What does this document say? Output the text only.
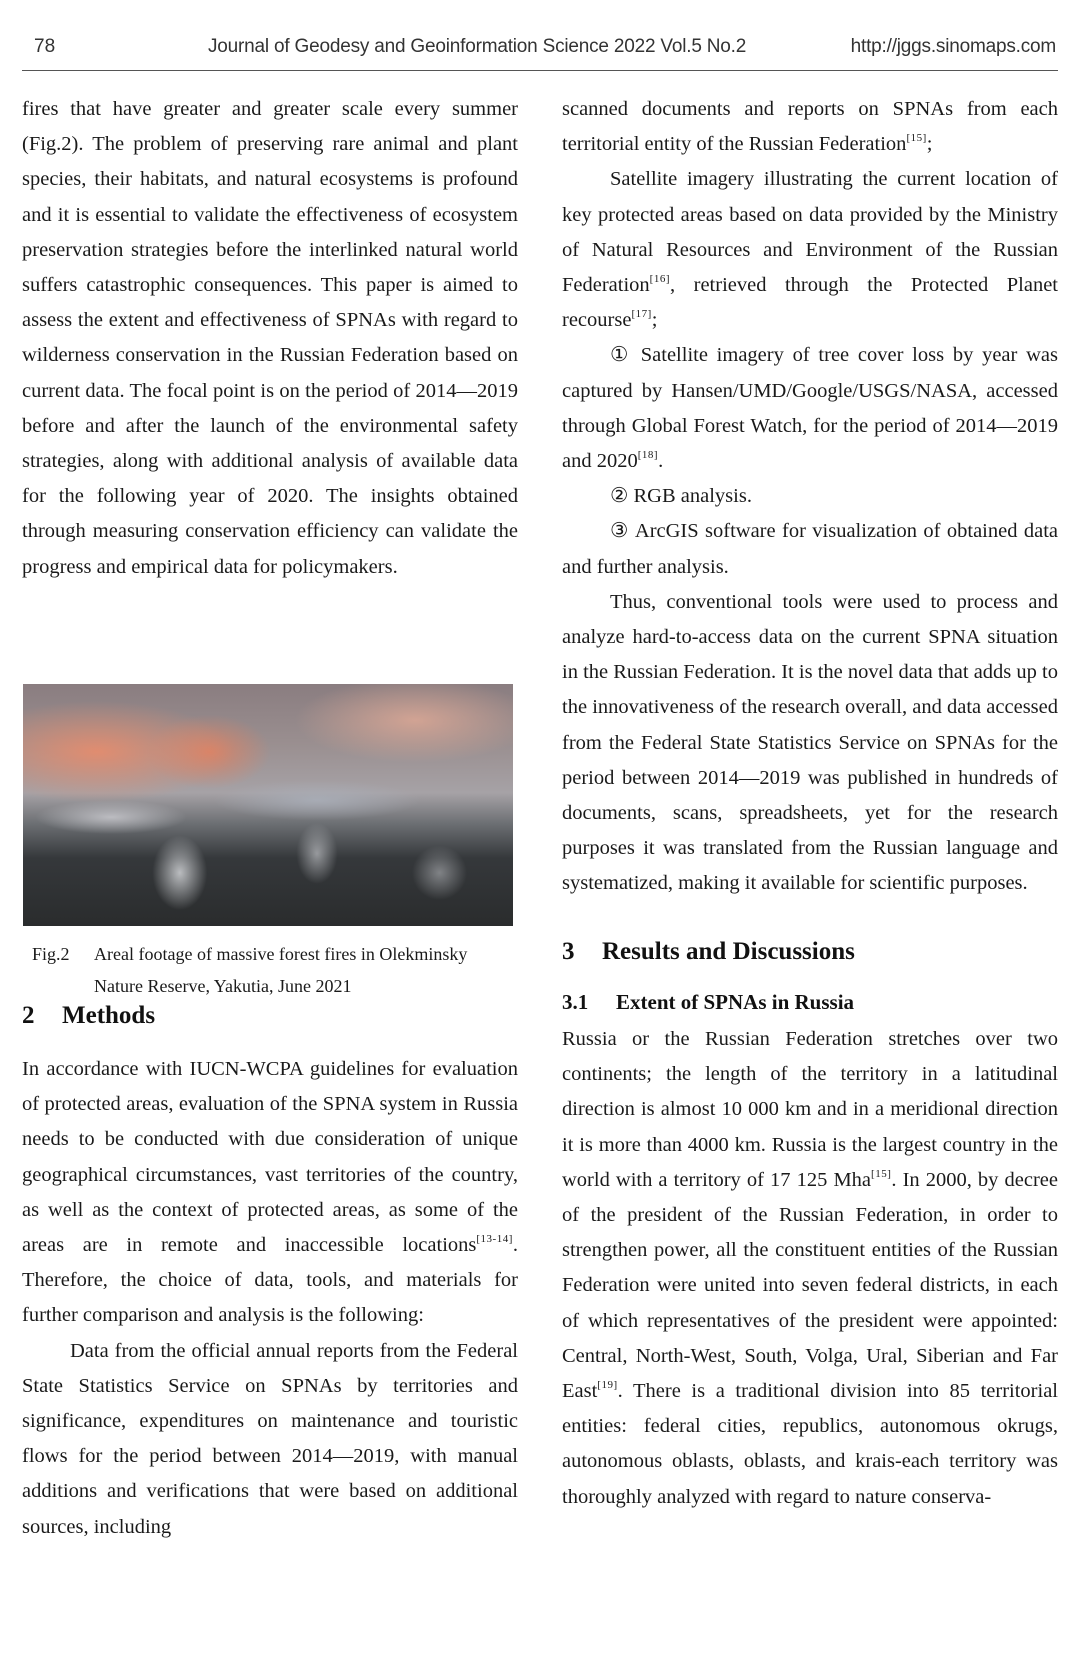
78	Journal of Geodesy and Geoinformation Science 2022 Vol.5 No.2	http://jggs.sinomaps.com

fires that have greater and greater scale every summer (Fig.2). The problem of preserving rare animal and plant species, their habitats, and natural ecosystems is profound and it is essential to validate the effectiveness of ecosystem preservation strategies before the interlinked natural world suffers catastrophic consequences. This paper is aimed to assess the extent and effectiveness of SPNAs with regard to wilderness conservation in the Russian Federation based on current data. The focal point is on the period of 2014—2019 before and after the launch of the environmental safety strategies, along with additional analysis of available data for the following year of 2020. The insights obtained through measuring conservation efficiency can validate the progress and empirical data for policymakers.

Fig.2 Areal footage of massive forest fires in Olekminsky
Nature Reserve, Yakutia, June 2021
2 Methods

In accordance with IUCN-WCPA guidelines for evaluation of protected areas, evaluation of the SPNA system in Russia needs to be conducted with due consideration of unique geographical circumstances, vast territories of the country, as well as the context of protected areas, as some of the areas are in remote and inaccessible locations[13-14]. Therefore, the choice of data, tools, and materials for further comparison and analysis is the following:

Data from the official annual reports from the Federal State Statistics Service on SPNAs by territories and significance, expenditures on maintenance and touristic flows for the period between 2014—2019, with manual additions and verifications that were based on additional sources, including

scanned documents and reports on SPNAs from each territorial entity of the Russian Federation[15];

Satellite imagery illustrating the current location of key protected areas based on data provided by the Ministry of Natural Resources and Environment of the Russian Federation[16], retrieved through the Protected Planet recourse[17];

① Satellite imagery of tree cover loss by year was captured by Hansen/UMD/Google/USGS/NASA, accessed through Global Forest Watch, for the period of 2014—2019 and 2020[18].

② RGB analysis.

③ ArcGIS software for visualization of obtained data and further analysis.

Thus, conventional tools were used to process and analyze hard-to-access data on the current SPNA situation in the Russian Federation. It is the novel data that adds up to the innovativeness of the research overall, and data accessed from the Federal State Statistics Service on SPNAs for the period between 2014—2019 was published in hundreds of documents, scans, spreadsheets, yet for the research purposes it was translated from the Russian language and systematized, making it available for scientific purposes.

3 Results and Discussions
3.1 Extent of SPNAs in Russia

Russia or the Russian Federation stretches over two continents; the length of the territory in a latitudinal direction is almost 10 000 km and in a meridional direction it is more than 4000 km. Russia is the largest country in the world with a territory of 17 125 Mha[15]. In 2000, by decree of the president of the Russian Federation, in order to strengthen power, all the constituent entities of the Russian Federation were united into seven federal districts, in each of which representatives of the president were appointed: Central, North-West, South, Volga, Ural, Siberian and Far East[19]. There is a traditional division into 85 territorial entities: federal cities, republics, autonomous okrugs, autonomous oblasts, oblasts, and krais-each territory was thoroughly analyzed with regard to nature conserva-
